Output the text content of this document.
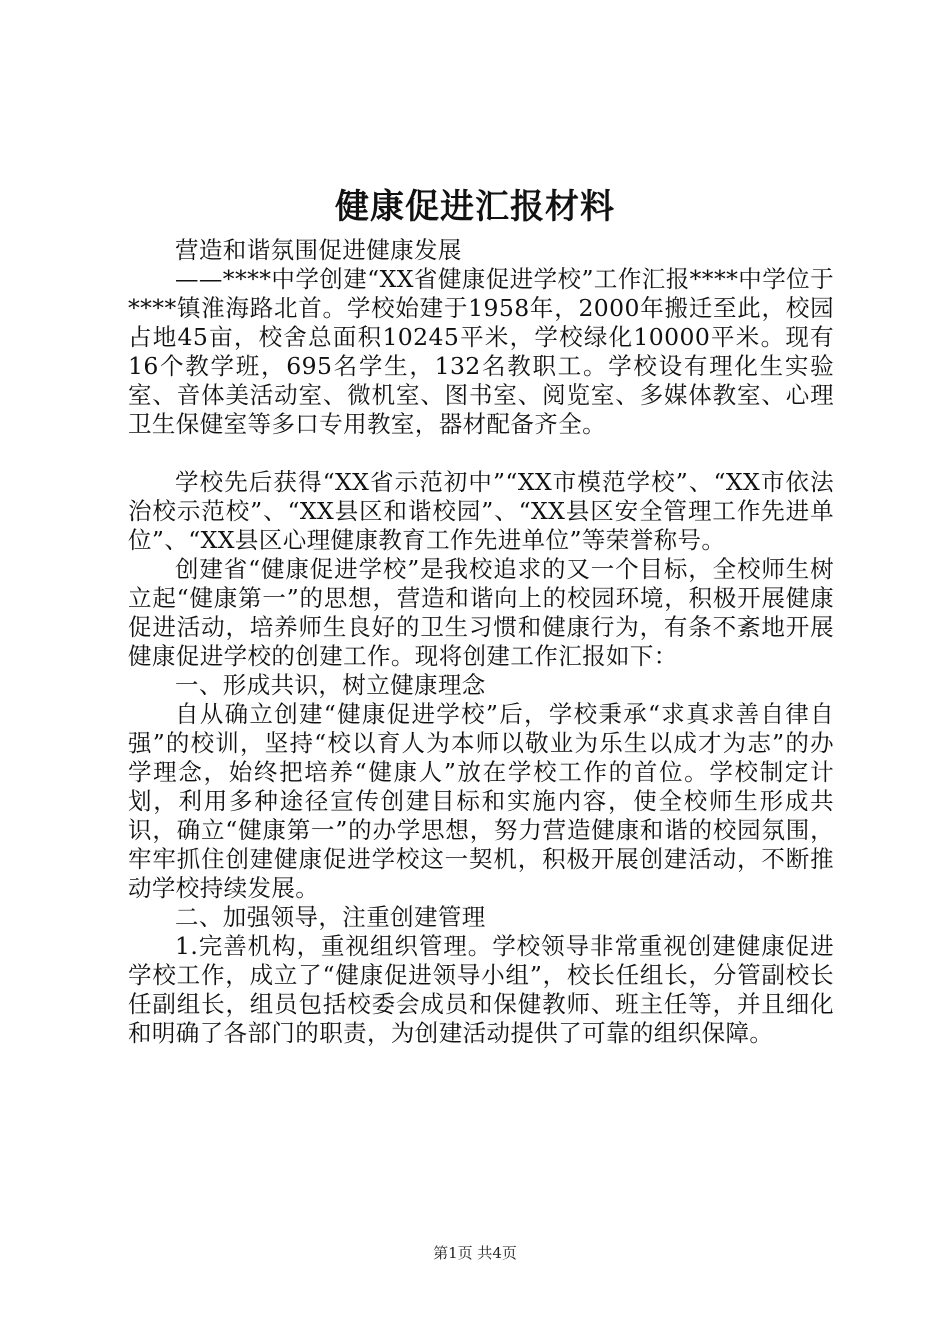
健康促进汇报材料

营造和谐氛围促进健康发展

——****中学创建“XX省健康促进学校”工作汇报****中学位于****镇淮海路北首。学校始建于1958年，2000年搬迁至此，校园占地45亩，校舍总面积10245平米，学校绿化10000平米。现有16个教学班，695名学生，132名教职工。学校设有理化生实验室、音体美活动室、微机室、图书室、阅览室、多媒体教室、心理卫生保健室等多口专用教室，器材配备齐全。

学校先后获得“XX省示范初中”“XX市模范学校”、“XX市依法治校示范校”、“XX县区和谐校园”、“XX县区安全管理工作先进单位”、“XX县区心理健康教育工作先进单位”等荣誉称号。

创建省“健康促进学校”是我校追求的又一个目标，全校师生树立起“健康第一”的思想，营造和谐向上的校园环境，积极开展健康促进活动，培养师生良好的卫生习惯和健康行为，有条不紊地开展健康促进学校的创建工作。现将创建工作汇报如下：

一、形成共识，树立健康理念

自从确立创建“健康促进学校”后，学校秉承“求真求善自律自强”的校训，坚持“校以育人为本师以敬业为乐生以成才为志”的办学理念，始终把培养“健康人”放在学校工作的首位。学校制定计划，利用多种途径宣传创建目标和实施内容，使全校师生形成共识，确立“健康第一”的办学思想，努力营造健康和谐的校园氛围，牢牢抓住创建健康促进学校这一契机，积极开展创建活动，不断推动学校持续发展。

二、加强领导，注重创建管理

1.完善机构，重视组织管理。学校领导非常重视创建健康促进学校工作，成立了“健康促进领导小组”，校长任组长，分管副校长任副组长，组员包括校委会成员和保健教师、班主任等，并且细化和明确了各部门的职责，为创建活动提供了可靠的组织保障。

第1页 共4页
